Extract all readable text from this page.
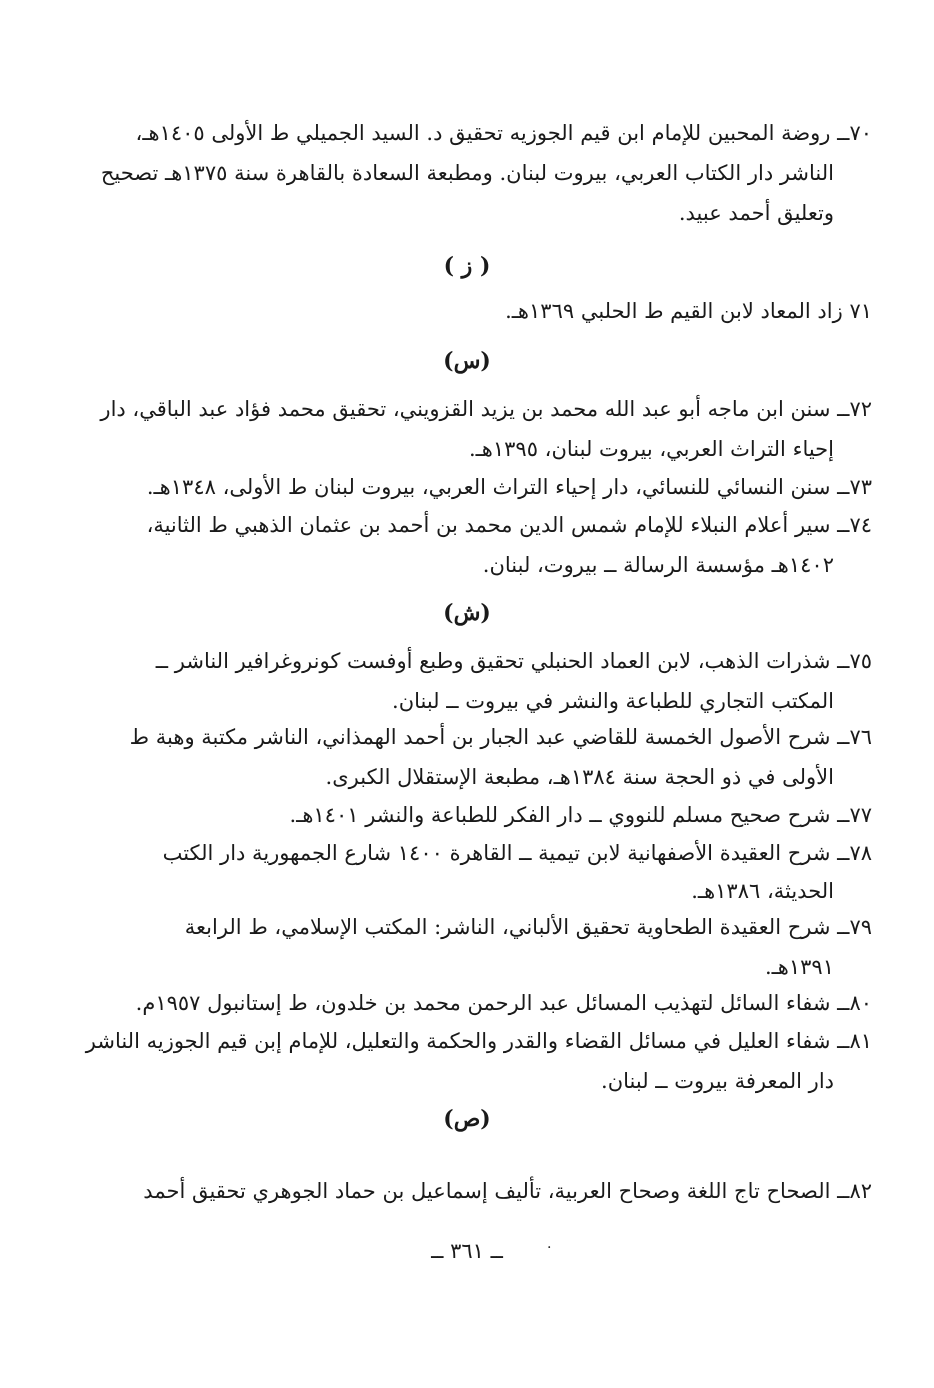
٧٠ــ روضة المحبين للإمام ابن قيم الجوزيه تحقيق د. السيد الجميلي ط الأولى ١٤٠٥هـ،
الناشر دار الكتاب العربي، بيروت لبنان. ومطبعة السعادة بالقاهرة سنة ١٣٧٥هـ تصحيح
وتعليق أحمد عبيد.
( ز )
٧١ زاد المعاد لابن القيم ط الحلبي ١٣٦٩هـ.
(س)
٧٢ــ سنن ابن ماجه أبو عبد الله محمد بن يزيد القزويني، تحقيق محمد فؤاد عبد الباقي، دار
إحياء التراث العربي، بيروت لبنان، ١٣٩٥هـ.
٧٣ــ سنن النسائي للنسائي، دار إحياء التراث العربي، بيروت لبنان ط الأولى، ١٣٤٨هـ.
٧٤ــ سير أعلام النبلاء للإمام شمس الدين محمد بن أحمد بن عثمان الذهبي ط الثانية،
١٤٠٢هـ مؤسسة الرسالة ــ بيروت، لبنان.
(ش)
٧٥ــ شذرات الذهب، لابن العماد الحنبلي تحقيق وطبع أوفست كونروغرافير الناشر ــ
المكتب التجاري للطباعة والنشر في بيروت ــ لبنان.
٧٦ــ شرح الأصول الخمسة للقاضي عبد الجبار بن أحمد الهمذاني، الناشر مكتبة وهبة ط
الأولى في ذو الحجة سنة ١٣٨٤هـ، مطبعة الإستقلال الكبرى.
٧٧ــ شرح صحيح مسلم للنووي ــ دار الفكر للطباعة والنشر ١٤٠١هـ.
٧٨ــ شرح العقيدة الأصفهانية لابن تيمية ــ القاهرة ١٤٠٠ شارع الجمهورية دار الكتب
الحديثة، ١٣٨٦هـ.
٧٩ــ شرح العقيدة الطحاوية تحقيق الألباني، الناشر: المكتب الإسلامي، ط الرابعة
١٣٩١هـ.
٨٠ــ شفاء السائل لتهذيب المسائل عبد الرحمن محمد بن خلدون، ط إستانبول ١٩٥٧م.
٨١ــ شفاء العليل في مسائل القضاء والقدر والحكمة والتعليل، للإمام إبن قيم الجوزيه الناشر
دار المعرفة بيروت ــ لبنان.
(ص)
٨٢ــ الصحاح تاج اللغة وصحاح العربية، تأليف إسماعيل بن حماد الجوهري تحقيق أحمد
ــ ٣٦١ ــ	.
